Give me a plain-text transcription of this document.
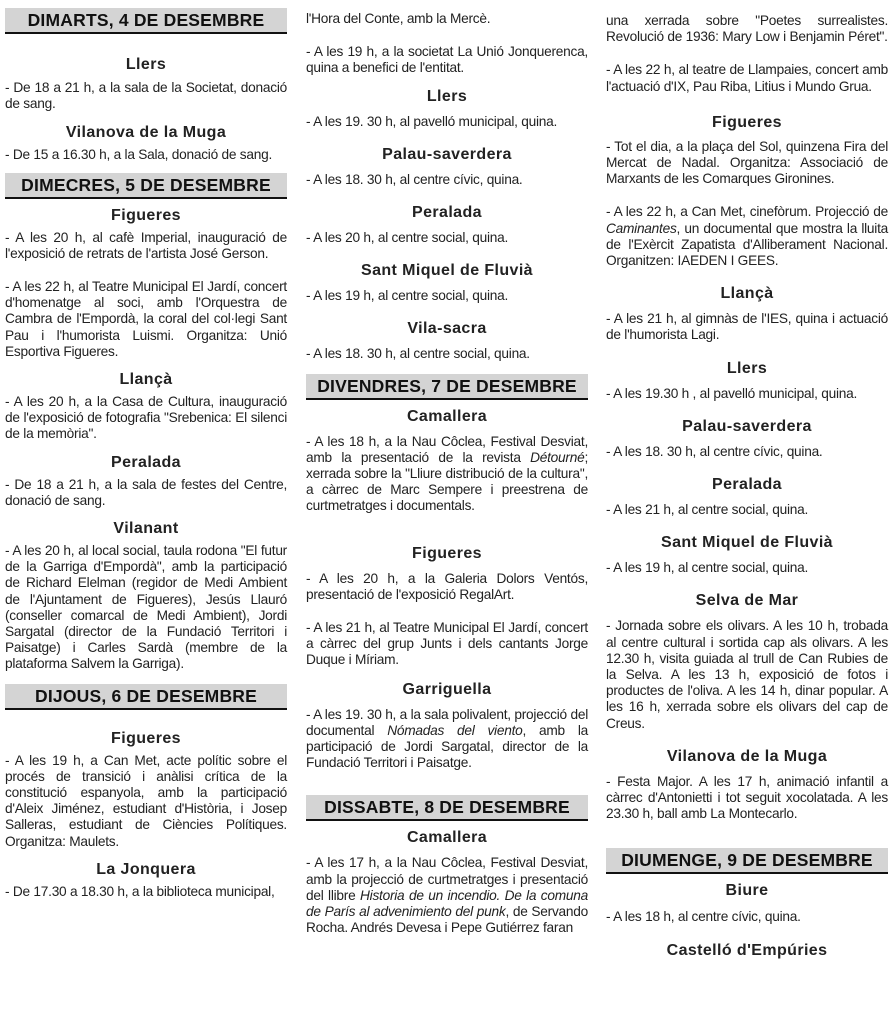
DIMARTS, 4 DE DESEMBRE
Llers
- De 18 a 21 h, a la sala de la Societat, donació de sang.
Vilanova de la Muga
- De 15 a 16.30 h, a la Sala, donació de sang.
DIMECRES, 5 DE DESEMBRE
Figueres
- A les 20 h, al cafè Imperial, inauguració de l'exposició de retrats de l'artista José Gerson.
- A les 22 h, al Teatre Municipal El Jardí, concert d'homenatge al soci, amb l'Orquestra de Cambra de l'Empordà, la coral del col·legi Sant Pau i l'humorista Luismi. Organitza: Unió Esportiva Figueres.
Llançà
- A les 20 h, a la Casa de Cultura, inauguració de l'exposició de fotografia "Srebenica: El silenci de la memòria".
Peralada
- De 18 a 21 h, a la sala de festes del Centre, donació de sang.
Vilanant
- A les 20 h, al local social, taula rodona "El futur de la Garriga d'Empordà", amb la participació de Richard Elelman (regidor de Medi Ambient de l'Ajuntament de Figueres), Jesús Llauró (conseller comarcal de Medi Ambient), Jordi Sargatal (director de la Fundació Territori i Paisatge) i Carles Sardà (membre de la plataforma Salvem la Garriga).
DIJOUS, 6 DE DESEMBRE
Figueres
- A les 19 h, a Can Met, acte polític sobre el procés de transició i anàlisi crítica de la constitució espanyola, amb la participació d'Aleix Jiménez, estudiant d'Història, i Josep Salleras, estudiant de Ciències Polítiques. Organitza: Maulets.
La Jonquera
- De 17.30 a 18.30 h, a la biblioteca municipal,
l'Hora del Conte, amb la Mercè.
- A les 19 h, a la societat La Unió Jonquerenca, quina a benefici de l'entitat.
Llers
- A les 19. 30 h, al pavelló municipal, quina.
Palau-saverdera
- A les 18. 30 h, al centre cívic, quina.
Peralada
- A les 20 h, al centre social, quina.
Sant Miquel de Fluvià
- A les 19 h, al centre social, quina.
Vila-sacra
- A les 18. 30 h, al centre social, quina.
DIVENDRES, 7 DE DESEMBRE
Camallera
- A les 18 h, a la Nau Côclea, Festival Desviat, amb la presentació de la revista Détourné; xerrada sobre la "Lliure distribució de la cultura", a càrrec de Marc Sempere i preestrena de curtmetratges i documentals.
Figueres
- A les 20 h, a la Galeria Dolors Ventós, presentació de l'exposició RegalArt.
- A les 21 h, al Teatre Municipal El Jardí, concert a càrrec del grup Junts i dels cantants Jorge Duque i Míriam.
Garriguella
- A les 19. 30 h, a la sala polivalent, projecció del documental Nómadas del viento, amb la participació de Jordi Sargatal, director de la Fundació Territori i Paisatge.
DISSABTE, 8 DE DESEMBRE
Camallera
- A les 17 h, a la Nau Côclea, Festival Desviat, amb la projecció de curtmetratges i presentació del llibre Historia de un incendio. De la comuna de París al advenimiento del punk, de Servando Rocha. Andrés Devesa i Pepe Gutiérrez faran
una xerrada sobre "Poetes surrealistes. Revolució de 1936: Mary Low i Benjamin Péret".
- A les 22 h, al teatre de Llampaies, concert amb l'actuació d'IX, Pau Riba, Litius i Mundo Grua.
Figueres
- Tot el dia, a la plaça del Sol, quinzena Fira del Mercat de Nadal. Organitza: Associació de Marxants de les Comarques Gironines.
- A les 22 h, a Can Met, cinefòrum. Projecció de Caminantes, un documental que mostra la lluita de l'Exèrcit Zapatista d'Alliberament Nacional. Organitzen: IAEDEN I GEES.
Llançà
- A les 21 h, al gimnàs de l'IES, quina i actuació de l'humorista Lagi.
Llers
- A les 19.30 h , al pavelló municipal, quina.
Palau-saverdera
- A les 18. 30 h, al centre cívic, quina.
Peralada
- A les 21 h, al centre social, quina.
Sant Miquel de Fluvià
- A les 19 h, al centre social, quina.
Selva de Mar
- Jornada sobre els olivars. A les 10 h, trobada al centre cultural i sortida cap als olivars. A les 12.30 h, visita guiada al trull de Can Rubies de la Selva. A les 13 h, exposició de fotos i productes de l'oliva. A les 14 h, dinar popular. A les 16 h, xerrada sobre els olivars del cap de Creus.
Vilanova de la Muga
- Festa Major. A les 17 h, animació infantil a càrrec d'Antonietti i tot seguit xocolatada. A les 23.30 h, ball amb La Montecarlo.
DIUMENGE, 9 DE DESEMBRE
Biure
- A les 18 h, al centre cívic, quina.
Castelló d'Empúries
